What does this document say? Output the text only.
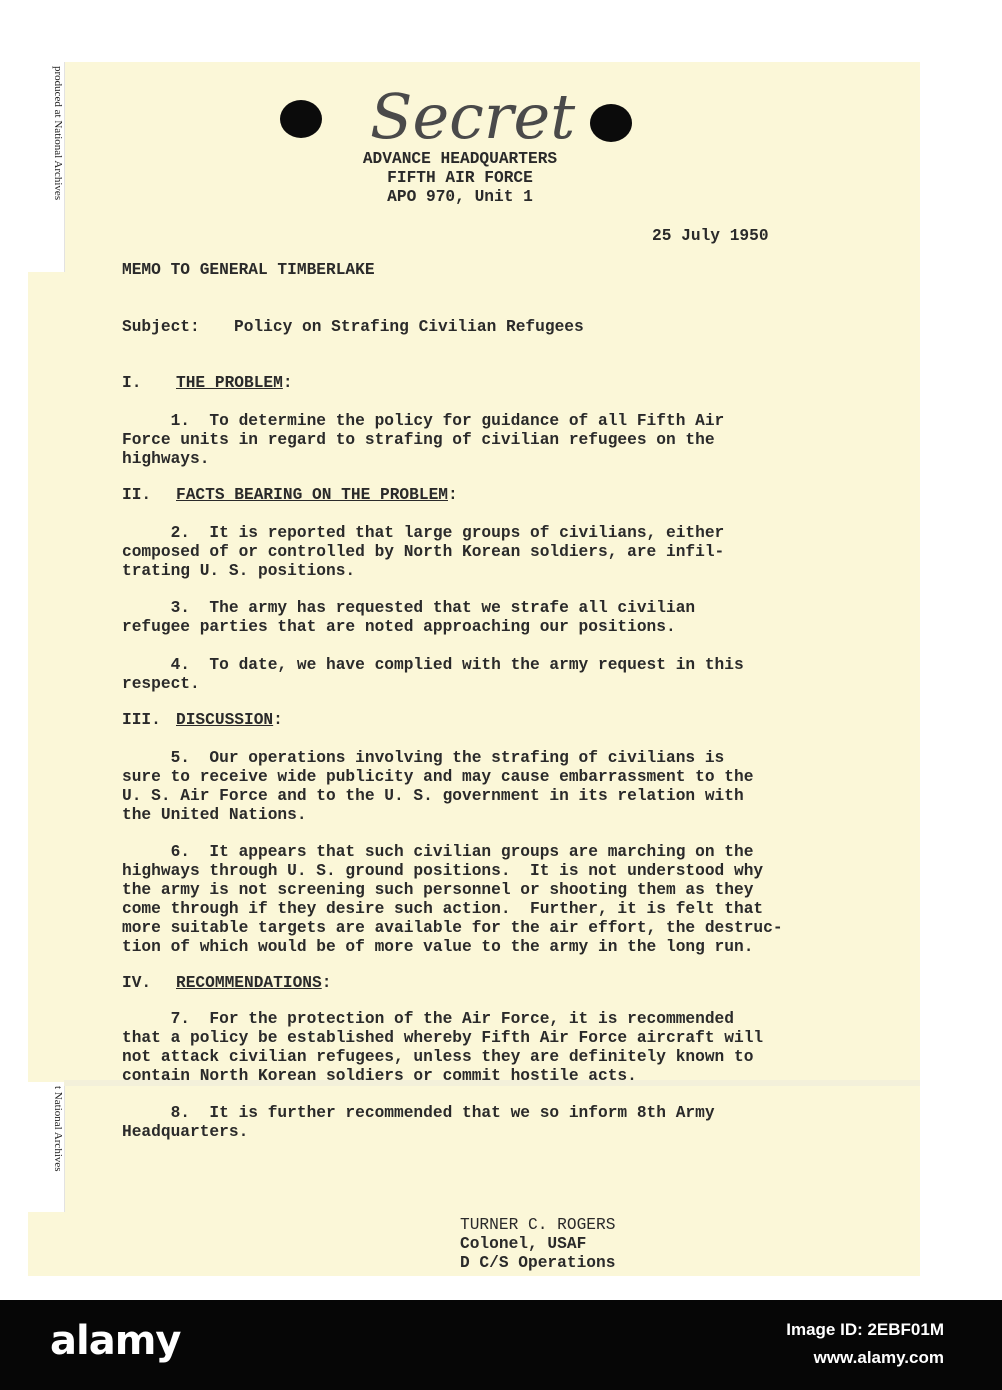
produced at National Archives
t National Archives
Secret
ADVANCE HEADQUARTERS
FIFTH AIR FORCE
APO 970, Unit 1
25 July 1950
MEMO TO GENERAL TIMBERLAKE
Subject: Policy on Strafing Civilian Refugees
I. THE PROBLEM:
1.  To determine the policy for guidance of all Fifth Air
Force units in regard to strafing of civilian refugees on the
highways.
II. FACTS BEARING ON THE PROBLEM:
2.  It is reported that large groups of civilians, either
composed of or controlled by North Korean soldiers, are infil-
trating U. S. positions.
3.  The army has requested that we strafe all civilian
refugee parties that are noted approaching our positions.
4.  To date, we have complied with the army request in this
respect.
III. DISCUSSION:
5.  Our operations involving the strafing of civilians is
sure to receive wide publicity and may cause embarrassment to the
U. S. Air Force and to the U. S. government in its relation with
the United Nations.
6.  It appears that such civilian groups are marching on the
highways through U. S. ground positions.  It is not understood why
the army is not screening such personnel or shooting them as they
come through if they desire such action.  Further, it is felt that
more suitable targets are available for the air effort, the destruc-
tion of which would be of more value to the army in the long run.
IV. RECOMMENDATIONS:
7.  For the protection of the Air Force, it is recommended
that a policy be established whereby Fifth Air Force aircraft will
not attack civilian refugees, unless they are definitely known to
contain North Korean soldiers or commit hostile acts.
8.  It is further recommended that we so inform 8th Army
Headquarters.
TURNER C. ROGERS
Colonel, USAF
D C/S Operations
alamy	Image ID: 2EBF01M
www.alamy.com
